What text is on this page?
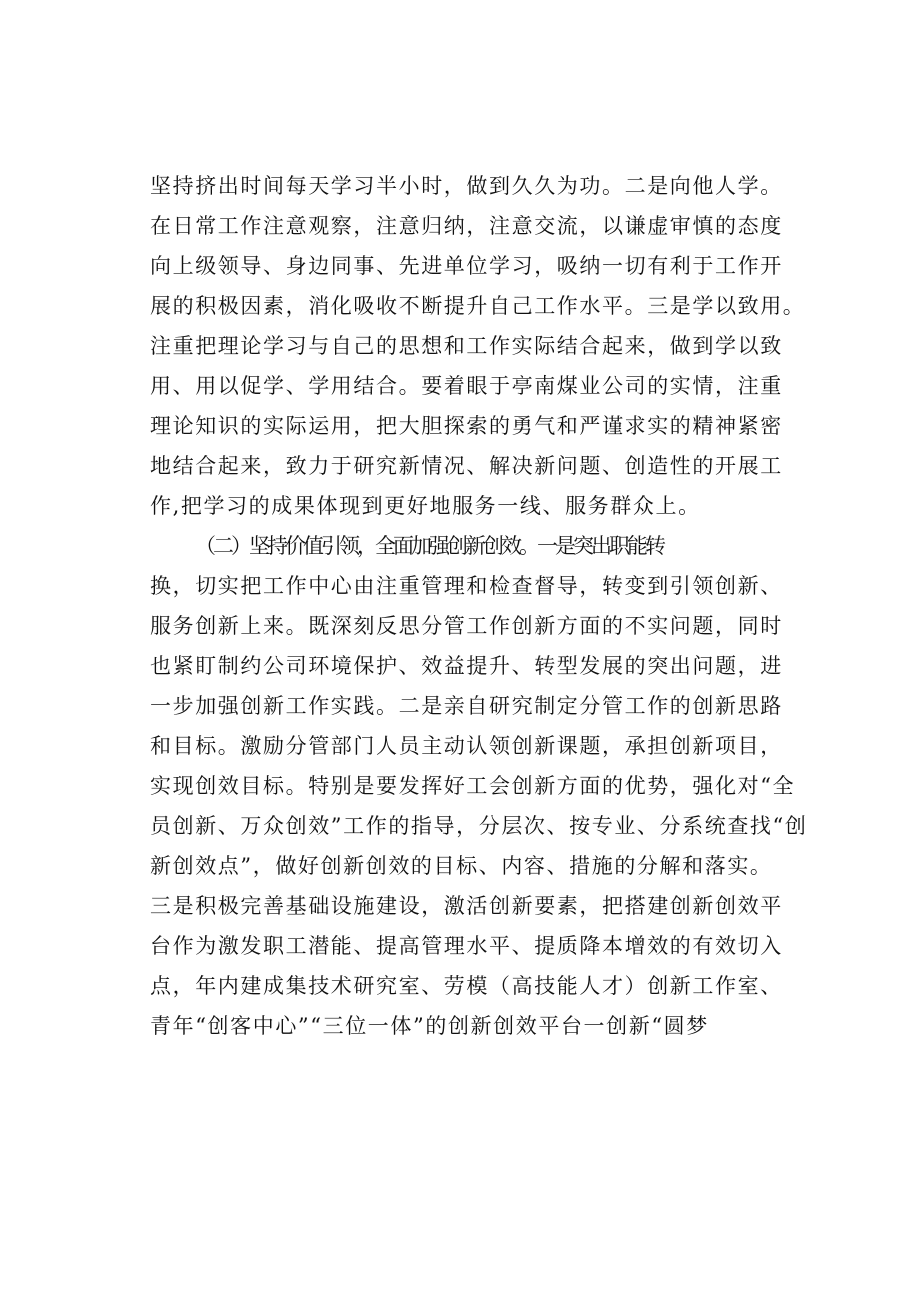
坚持挤出时间每天学习半小时，做到久久为功。二是向他人学。
在日常工作注意观察，注意归纳，注意交流，以谦虚审慎的态度
向上级领导、身边同事、先进单位学习，吸纳一切有利于工作开
展的积极因素，消化吸收不断提升自己工作水平。三是学以致用。
注重把理论学习与自己的思想和工作实际结合起来，做到学以致
用、用以促学、学用结合。要着眼于亭南煤业公司的实情，注重
理论知识的实际运用，把大胆探索的勇气和严谨求实的精神紧密
地结合起来，致力于研究新情况、解决新问题、创造性的开展工
作,把学习的成果体现到更好地服务一线、服务群众上。
（二）坚持价值引领，全面加强创新创效。一是突出职能转
换，切实把工作中心由注重管理和检查督导，转变到引领创新、
服务创新上来。既深刻反思分管工作创新方面的不实问题，同时
也紧盯制约公司环境保护、效益提升、转型发展的突出问题，进
一步加强创新工作实践。二是亲自研究制定分管工作的创新思路
和目标。激励分管部门人员主动认领创新课题，承担创新项目，
实现创效目标。特别是要发挥好工会创新方面的优势，强化对“全
员创新、万众创效”工作的指导，分层次、按专业、分系统查找“创
新创效点”，做好创新创效的目标、内容、措施的分解和落实。
三是积极完善基础设施建设，激活创新要素，把搭建创新创效平
台作为激发职工潜能、提高管理水平、提质降本增效的有效切入
点，年内建成集技术研究室、劳模（高技能人才）创新工作室、
青年“创客中心”“三位一体”的创新创效平台一创新“圆梦
